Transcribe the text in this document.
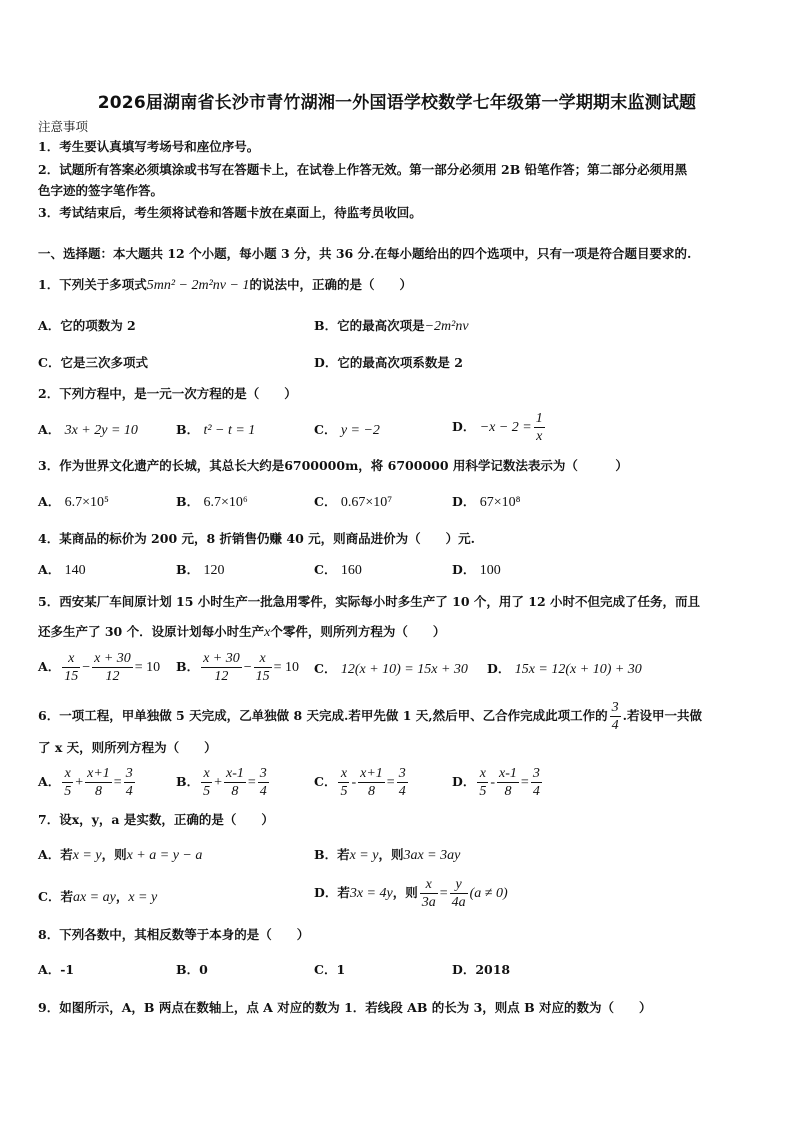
2026届湖南省长沙市青竹湖湘一外国语学校数学七年级第一学期期末监测试题
注意事项
1．考生要认真填写考场号和座位序号。
2．试题所有答案必须填涂或书写在答题卡上，在试卷上作答无效。第一部分必须用 2B 铅笔作答；第二部分必须用黑
色字迹的签字笔作答。
3．考试结束后，考生须将试卷和答题卡放在桌面上，待监考员收回。
一、选择题：本大题共 12 个小题，每小题 3 分，共 36 分.在每小题给出的四个选项中，只有一项是符合题目要求的.
1．下列关于多项式5mn² − 2m²nv − 1的说法中，正确的是（　　）
A．它的项数为 2	B．它的最高次项是−2m²nv
C．它是三次多项式	D．它的最高次项系数是 2
2．下列方程中，是一元一次方程的是（　　）
A． 3x + 2y = 10	B． t² − t = 1	C． y = −2	D． $-x - 2 = \frac{1}{x}$
3．作为世界文化遗产的长城，其总长大约是6700000m，将 6700000 用科学记数法表示为（　　　）
A． 6.7×10⁵	B． 6.7×10⁶	C． 0.67×10⁷	D． 67×10⁸
4．某商品的标价为 200 元，8 折销售仍赚 40 元，则商品进价为（　　）元.
A． 140	B． 120	C． 160	D． 100
5．西安某厂车间原计划 15 小时生产一批急用零件，实际每小时多生产了 10 个，用了 12 小时不但完成了任务，而且
还多生产了 30 个．设原计划每小时生产x个零件，则所列方程为（　　）
A． $\frac{x}{15} - \frac{x + 30}{12} = 10$ B． $\frac{x + 30}{12} - \frac{x}{15} = 10$ C． 12(x + 10) = 15x + 30 D． 15x = 12(x + 10) + 30
6．一项工程，甲单独做 5 天完成，乙单独做 8 天完成.若甲先做 1 天,然后甲、乙合作完成此项工作的 $\frac{3}{4}$ .若设甲一共做
了 x 天，则所列方程为（　　）
A． $\frac{x}{5} + \frac{x+1}{8} = \frac{3}{4}$	B． $\frac{x}{5} + \frac{x-1}{8} = \frac{3}{4}$	C． $\frac{x}{5} - \frac{x+1}{8} = \frac{3}{4}$	D． $\frac{x}{5} - \frac{x-1}{8} = \frac{3}{4}$
7．设x，y，a 是实数，正确的是（　　）
A．若x = y，则x + a = y − a	B．若x = y，则3ax = 3ay
C．若ax = ay，x = y	D．若3x = 4y，则 $\frac{x}{3a} = \frac{y}{4a} (a \ne 0)$
8．下列各数中，其相反数等于本身的是（　　）
A．-1	B．0	C．1	D．2018
9．如图所示，A，B 两点在数轴上，点 A 对应的数为 1．若线段 AB 的长为 3，则点 B 对应的数为（　　）
